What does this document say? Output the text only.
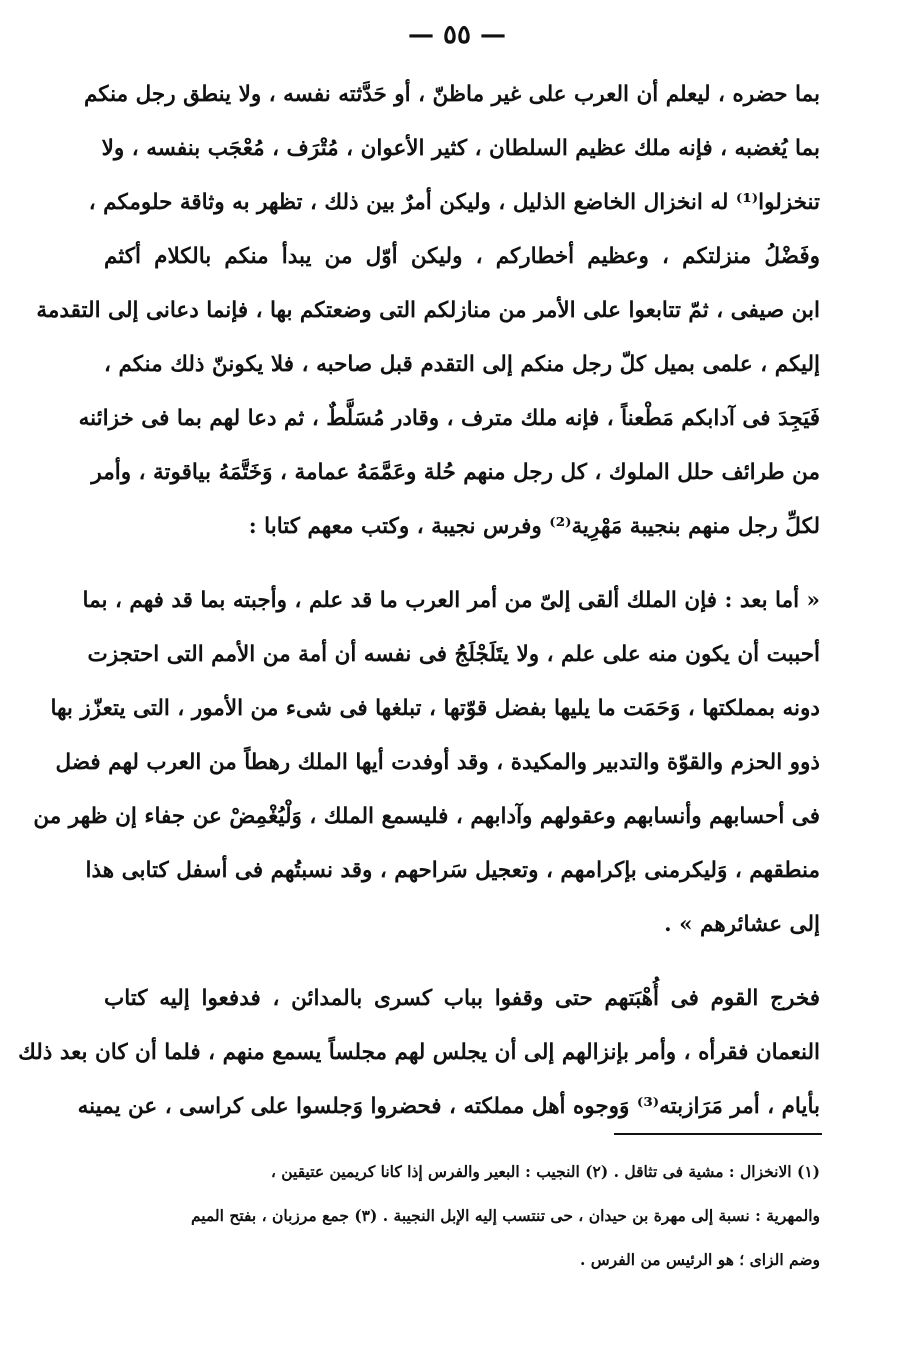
— ٥٥ —
بما حضره ، ليعلم أن العرب على غير ماظنّ ، أو حَدَّثته نفسه ، ولا ينطق رجل منكم
بما يُغضبه ، فإنه ملك عظيم السلطان ، كثير الأعوان ، مُتْرَف ، مُعْجَب بنفسه ، ولا
تنخزلوا⁽¹⁾ له انخزال الخاضع الذليل ، وليكن أمرٌ بين ذلك ، تظهر به وثاقة حلومكم ،
وفَضْلُ منزلتكم ، وعظيم أخطاركم ، وليكن أوّل من يبدأ منكم بالكلام أكثم
ابن صيفى ، ثمّ تتابعوا على الأمر من منازلكم التى وضعتكم بها ، فإنما دعانى إلى التقدمة
إليكم ، علمى بميل كلّ رجل منكم إلى التقدم قبل صاحبه ، فلا يكوننّ ذلك منكم ،
فَيَجِدَ فى آدابكم مَطْعناً ، فإنه ملك مترف ، وقادر مُسَلَّطٌ ، ثم دعا لهم بما فى خزائنه
من طرائف حلل الملوك ، كل رجل منهم حُلة وعَمَّمَهُ عمامة ، وَخَتَّمَهُ بياقوتة ، وأمر
لكلِّ رجل منهم بنجيبة مَهْرِية⁽²⁾ وفرس نجيبة ، وكتب معهم كتابا :
« أما بعد : فإن الملك ألقى إلىّ من أمر العرب ما قد علم ، وأجبته بما قد فهم ، بما
أحببت أن يكون منه على علم ، ولا يتَلَجْلَجُ فى نفسه أن أمة من الأمم التى احتجزت
دونه بمملكتها ، وَحَمَت ما يليها بفضل قوّتها ، تبلغها فى شىء من الأمور ، التى يتعزّز بها
ذوو الحزم والقوّة والتدبير والمكيدة ، وقد أوفدت أيها الملك رهطاً من العرب لهم فضل
فى أحسابهم وأنسابهم وعقولهم وآدابهم ، فليسمع الملك ، وَلْيُغْمِضْ عن جفاء إن ظهر من
منطقهم ، وَليكرمنى بإكرامهم ، وتعجيل سَراحهم ، وقد نسبتُهم فى أسفل كتابى هذا
إلى عشائرهم » .
فخرج القوم فى أُهْبَتهم حتى وقفوا بباب كسرى بالمدائن ، فدفعوا إليه كتاب
النعمان فقرأه ، وأمر بإنزالهم إلى أن يجلس لهم مجلساً يسمع منهم ، فلما أن كان بعد ذلك
بأيام ، أمر مَرَازبته⁽³⁾ وَوجوه أهل مملكته ، فحضروا وَجلسوا على كراسى ، عن يمينه
(١) الانخزال : مشية فى تثاقل . (٢) النجيب : البعير والفرس إذا كانا كريمين عتيقين ،
والمهرية : نسبة إلى مهرة بن حيدان ، حى تنتسب إليه الإبل النجيبة . (٣) جمع مرزبان ، بفتح الميم
وضم الزاى ؛ هو الرئيس من الفرس .
